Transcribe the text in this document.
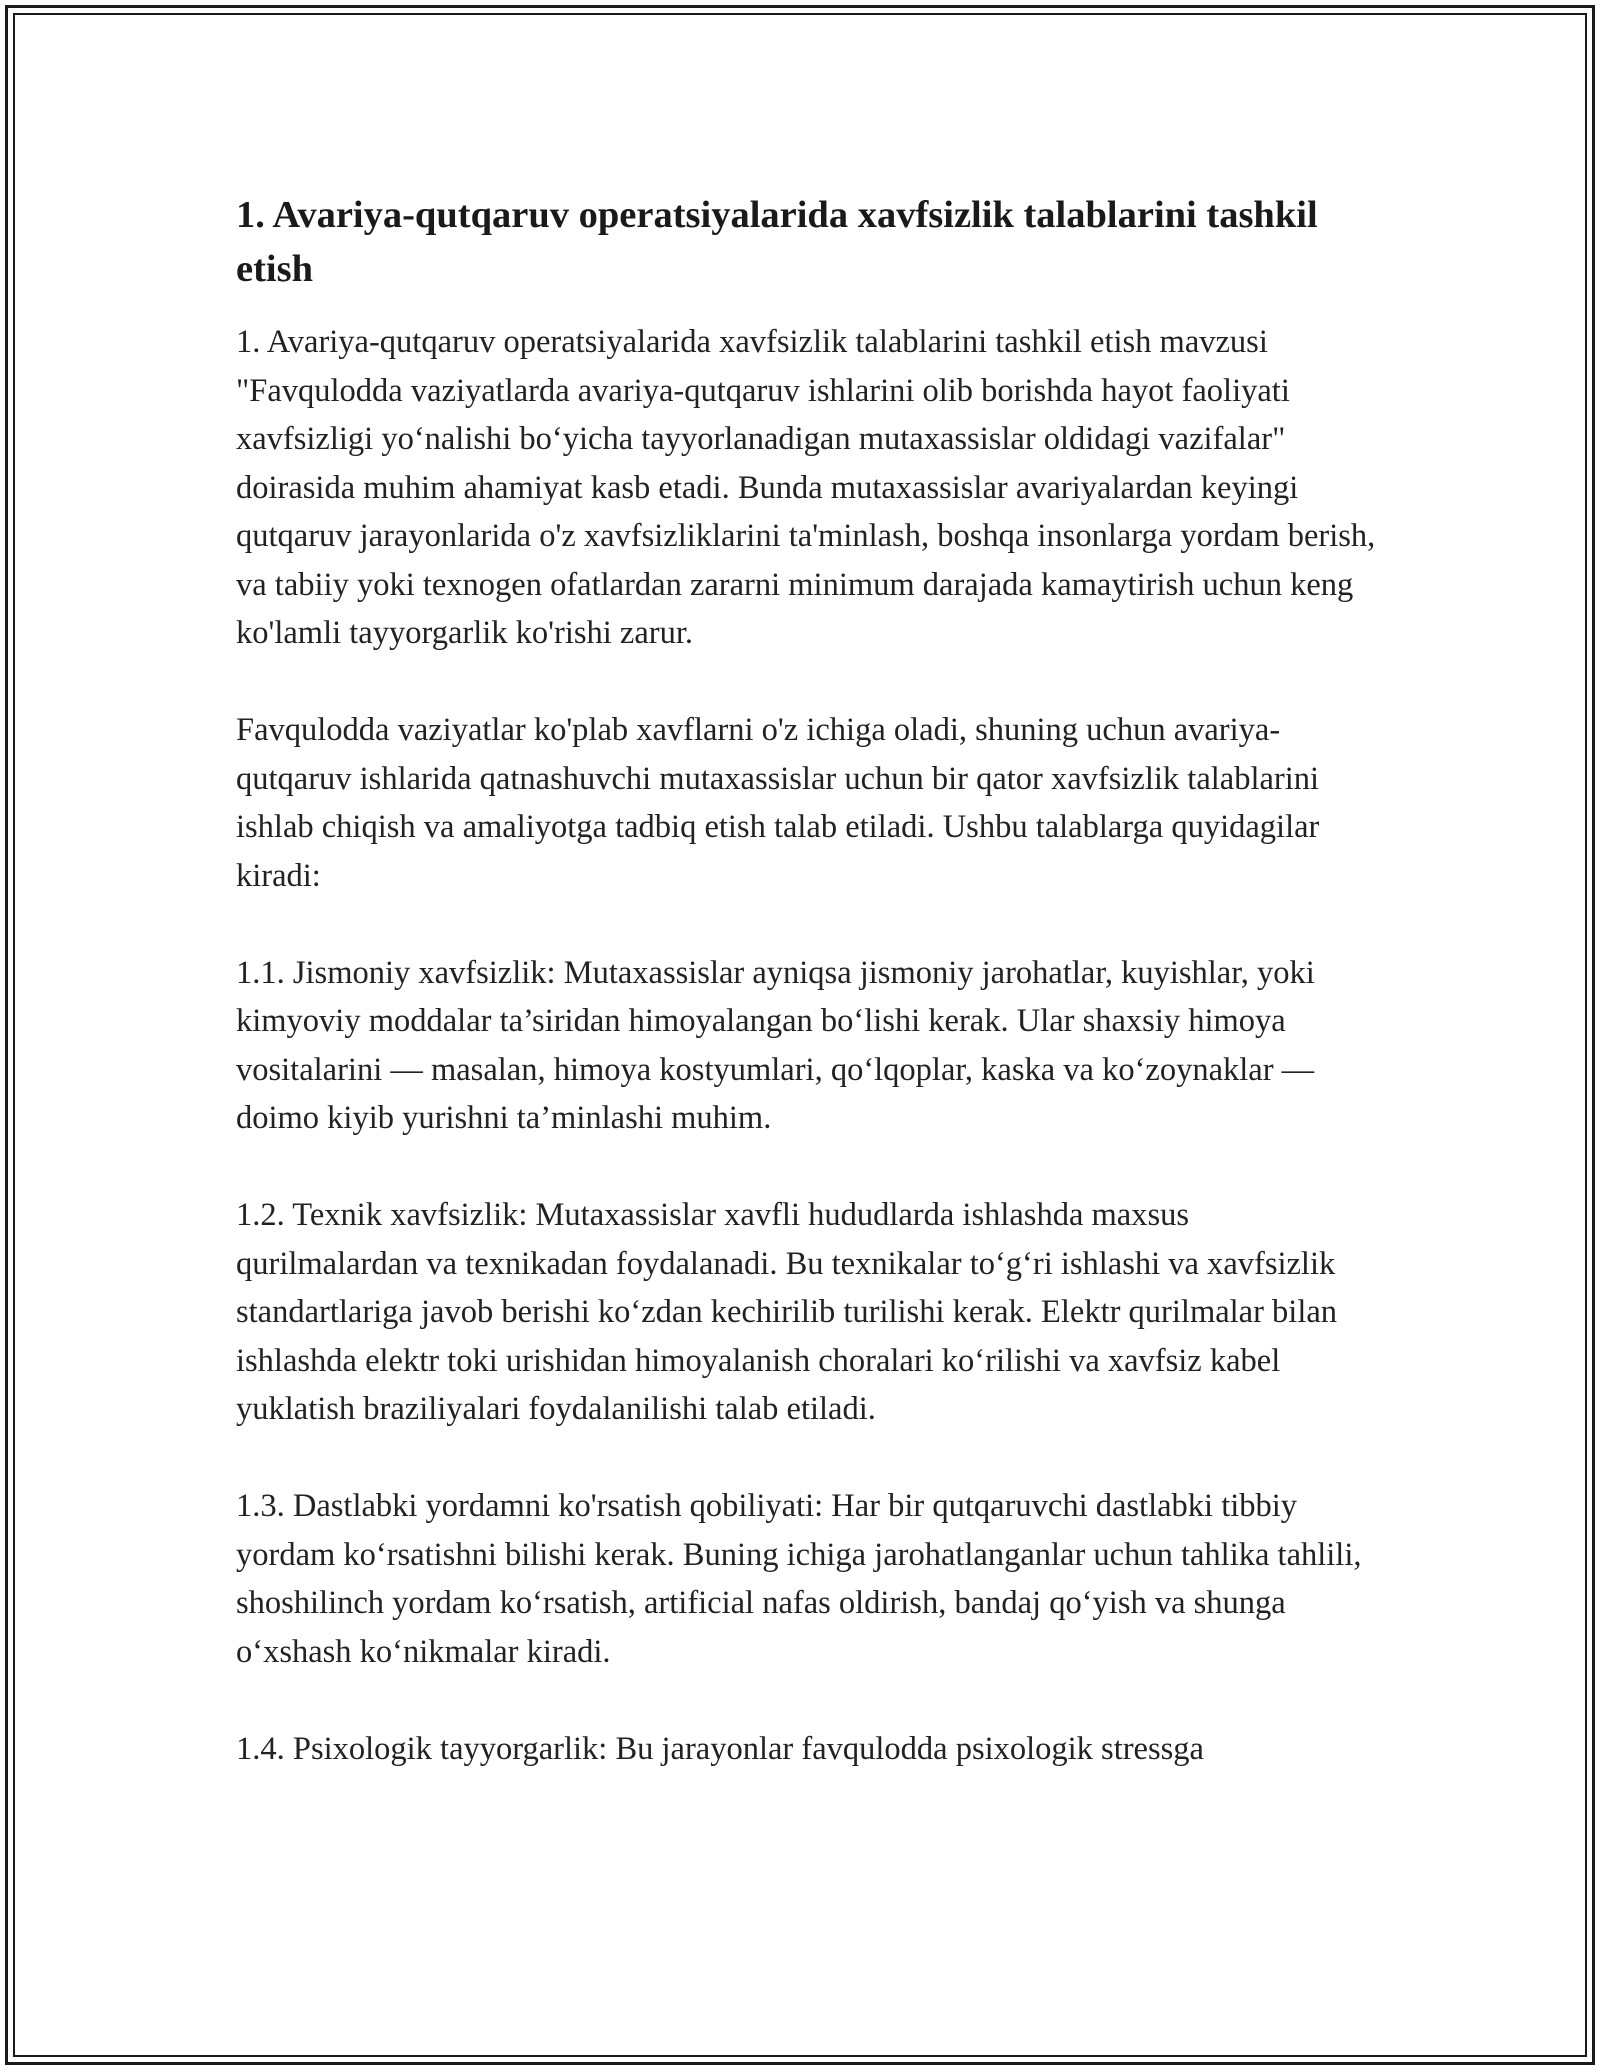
1. Avariya-qutqaruv operatsiyalarida xavfsizlik talablarini tashkil etish

1. Avariya-qutqaruv operatsiyalarida xavfsizlik talablarini tashkil etish mavzusi "Favqulodda vaziyatlarda avariya-qutqaruv ishlarini olib borishda hayot faoliyati xavfsizligi yo‘nalishi bo‘yicha tayyorlanadigan mutaxassislar oldidagi vazifalar" doirasida muhim ahamiyat kasb etadi. Bunda mutaxassislar avariyalardan keyingi qutqaruv jarayonlarida o'z xavfsizliklarini ta'minlash, boshqa insonlarga yordam berish, va tabiiy yoki texnogen ofatlardan zararni minimum darajada kamaytirish uchun keng ko'lamli tayyorgarlik ko'rishi zarur.

Favqulodda vaziyatlar ko'plab xavflarni o'z ichiga oladi, shuning uchun avariya-qutqaruv ishlarida qatnashuvchi mutaxassislar uchun bir qator xavfsizlik talablarini ishlab chiqish va amaliyotga tadbiq etish talab etiladi. Ushbu talablarga quyidagilar kiradi:

1.1. Jismoniy xavfsizlik: Mutaxassislar ayniqsa jismoniy jarohatlar, kuyishlar, yoki kimyoviy moddalar ta’siridan himoyalangan bo‘lishi kerak. Ular shaxsiy himoya vositalarini — masalan, himoya kostyumlari, qo‘lqoplar, kaska va ko‘zoynaklar — doimo kiyib yurishni ta’minlashi muhim.

1.2. Texnik xavfsizlik: Mutaxassislar xavfli hududlarda ishlashda maxsus qurilmalardan va texnikadan foydalanadi. Bu texnikalar to‘g‘ri ishlashi va xavfsizlik standartlariga javob berishi ko‘zdan kechirilib turilishi kerak. Elektr qurilmalar bilan ishlashda elektr toki urishidan himoyalanish choralari ko‘rilishi va xavfsiz kabel yuklatish braziliyalari foydalanilishi talab etiladi.

1.3. Dastlabki yordamni ko'rsatish qobiliyati: Har bir qutqaruvchi dastlabki tibbiy yordam ko‘rsatishni bilishi kerak. Buning ichiga jarohatlanganlar uchun tahlika tahlili, shoshilinch yordam ko‘rsatish, artificial nafas oldirish, bandaj qo‘yish va shunga o‘xshash ko‘nikmalar kiradi.

1.4. Psixologik tayyorgarlik: Bu jarayonlar favqulodda psixologik stressga
